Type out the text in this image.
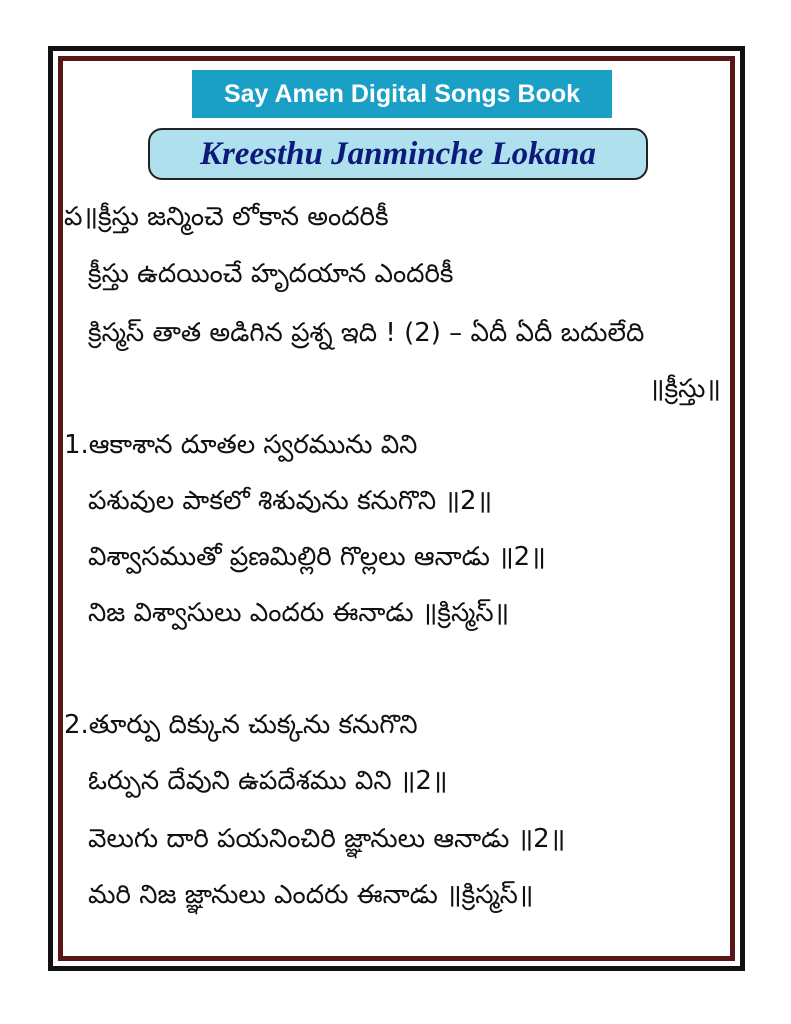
Say Amen Digital Songs Book
Kreesthu Janminche Lokana
ప॥క్రీస్తు జన్మించె లోకాన అందరికీ
క్రీస్తు ఉదయించే హృదయాన ఎందరికీ
క్రిస్మస్ తాత అడిగిన ప్రశ్న ఇది ! (2) – ఏదీ ఏదీ బదులేది
॥క్రీస్తు॥
1.ఆకాశాన దూతల స్వరమును విని
పశువుల పాకలో శిశువును కనుగొని ॥2॥
విశ్వాసముతో ప్రణమిల్లిరి గొల్లలు ఆనాడు ॥2॥
నిజ విశ్వాసులు ఎందరు ఈనాడు ॥క్రిస్మస్॥
2.తూర్పు దిక్కున చుక్కను కనుగొని
ఓర్పున దేవుని ఉపదేశము విని ॥2॥
వెలుగు దారి పయనించిరి జ్ఞానులు ఆనాడు ॥2॥
మరి నిజ జ్ఞానులు ఎందరు ఈనాడు ॥క్రిస్మస్॥
